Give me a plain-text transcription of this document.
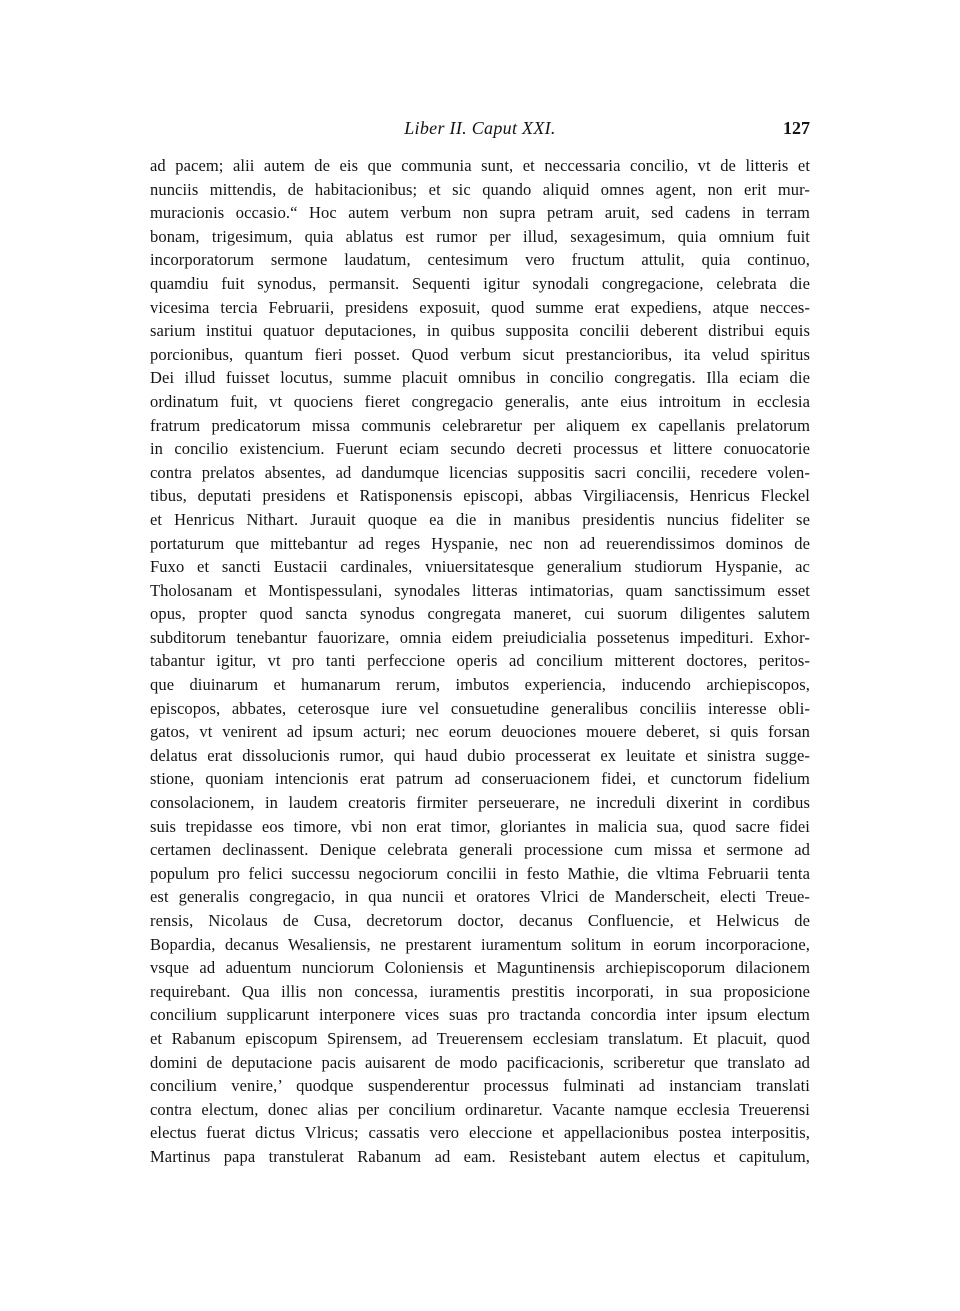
Liber II. Caput XXI.	127
ad pacem; alii autem de eis que communia sunt, et neccessaria concilio, vt de litteris et
nunciis mittendis, de habitacionibus; et sic quando aliquid omnes agent, non erit mur-
muracionis occasio.“ Hoc autem verbum non supra petram aruit, sed cadens in terram
bonam, trigesimum, quia ablatus est rumor per illud, sexagesimum, quia omnium fuit
incorporatorum sermone laudatum, centesimum vero fructum attulit, quia continuo,
quamdiu fuit synodus, permansit. Sequenti igitur synodali congregacione, celebrata die
vicesima tercia Februarii, presidens exposuit, quod summe erat expediens, atque necces-
sarium institui quatuor deputaciones, in quibus supposita concilii deberent distribui equis
porcionibus, quantum fieri posset. Quod verbum sicut prestancioribus, ita velud spiritus
Dei illud fuisset locutus, summe placuit omnibus in concilio congregatis. Illa eciam die
ordinatum fuit, vt quociens fieret congregacio generalis, ante eius introitum in ecclesia
fratrum predicatorum missa communis celebraretur per aliquem ex capellanis prelatorum
in concilio existencium. Fuerunt eciam secundo decreti processus et littere conuocatorie
contra prelatos absentes, ad dandumque licencias suppositis sacri concilii, recedere volen-
tibus, deputati presidens et Ratisponensis episcopi, abbas Virgiliacensis, Henricus Fleckel
et Henricus Nithart. Jurauit quoque ea die in manibus presidentis nuncius fideliter se
portaturum que mittebantur ad reges Hyspanie, nec non ad reuerendissimos dominos de
Fuxo et sancti Eustacii cardinales, vniuersitatesque generalium studiorum Hyspanie, ac
Tholosanam et Montispessulani, synodales litteras intimatorias, quam sanctissimum esset
opus, propter quod sancta synodus congregata maneret, cui suorum diligentes salutem
subditorum tenebantur fauorizare, omnia eidem preiudicialia possetenus impedituri. Exhor-
tabantur igitur, vt pro tanti perfeccione operis ad concilium mitterent doctores, peritos-
que diuinarum et humanarum rerum, imbutos experiencia, inducendo archiepiscopos,
episcopos, abbates, ceterosque iure vel consuetudine generalibus conciliis interesse obli-
gatos, vt venirent ad ipsum acturi; nec eorum deuociones mouere deberet, si quis forsan
delatus erat dissolucionis rumor, qui haud dubio processerat ex leuitate et sinistra sugge-
stione, quoniam intencionis erat patrum ad conseruacionem fidei, et cunctorum fidelium
consolacionem, in laudem creatoris firmiter perseuerare, ne increduli dixerint in cordibus
suis trepidasse eos timore, vbi non erat timor, gloriantes in malicia sua, quod sacre fidei
certamen declinassent. Denique celebrata generali processione cum missa et sermone ad
populum pro felici successu negociorum concilii in festo Mathie, die vltima Februarii tenta
est generalis congregacio, in qua nuncii et oratores Vlrici de Manderscheit, electi Treue-
rensis, Nicolaus de Cusa, decretorum doctor, decanus Confluencie, et Helwicus de
Bopardia, decanus Wesaliensis, ne prestarent iuramentum solitum in eorum incorporacione,
vsque ad aduentum nunciorum Coloniensis et Maguntinensis archiepiscoporum dilacionem
requirebant. Qua illis non concessa, iuramentis prestitis incorporati, in sua proposicione
concilium supplicarunt interponere vices suas pro tractanda concordia inter ipsum electum
et Rabanum episcopum Spirensem, ad Treuerensem ecclesiam translatum. Et placuit, quod
domini de deputacione pacis auisarent de modo pacificacionis, scriberetur que translato ad
concilium venire,’ quodque suspenderentur processus fulminati ad instanciam translati
contra electum, donec alias per concilium ordinaretur. Vacante namque ecclesia Treuerensi
electus fuerat dictus Vlricus; cassatis vero eleccione et appellacionibus postea interpositis,
Martinus papa transtulerat Rabanum ad eam. Resistebant autem electus et capitulum,
